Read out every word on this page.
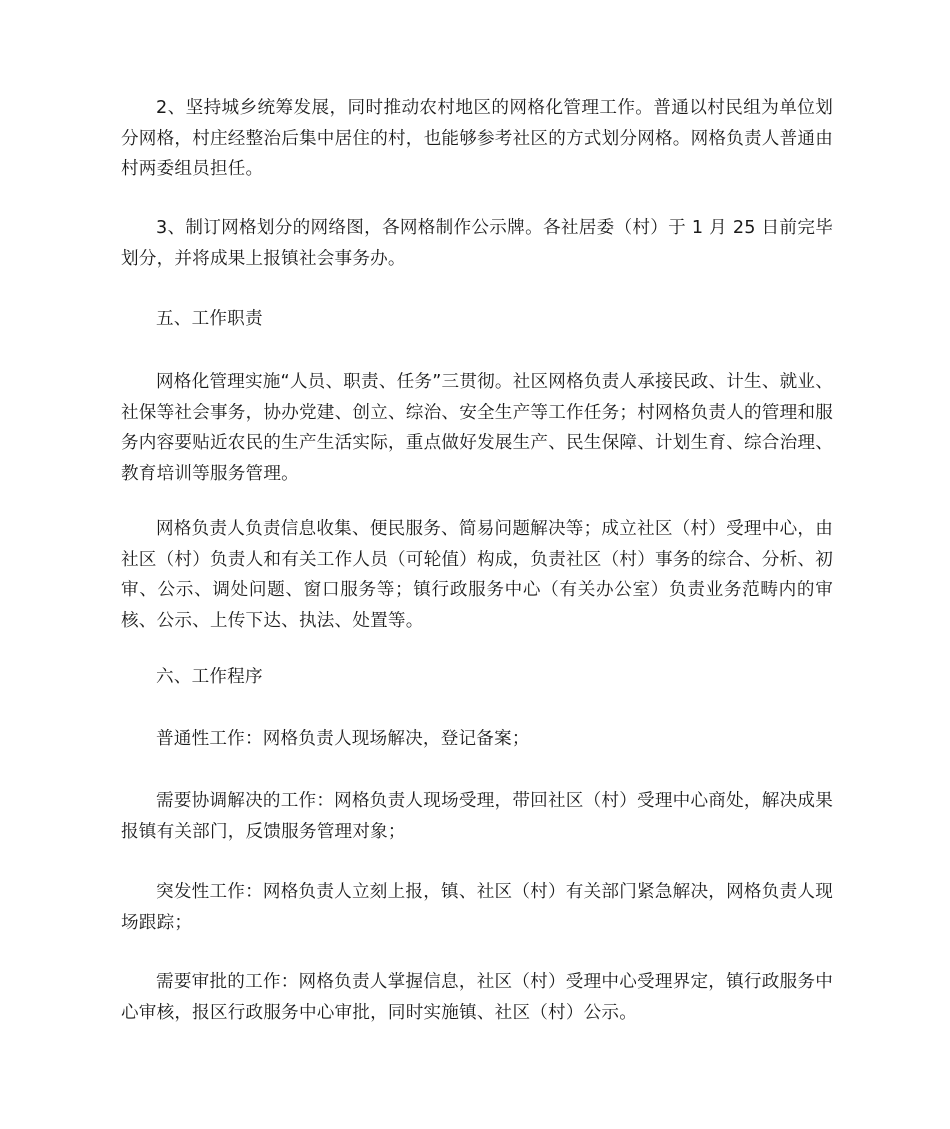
2、坚持城乡统筹发展，同时推动农村地区的网格化管理工作。普通以村民组为单位划分网格，村庄经整治后集中居住的村，也能够参考社区的方式划分网格。网格负责人普通由村两委组员担任。

3、制订网格划分的网络图，各网格制作公示牌。各社居委（村）于 1 月 25 日前完毕划分，并将成果上报镇社会事务办。

五、工作职责

网格化管理实施“人员、职责、任务”三贯彻。社区网格负责人承接民政、计生、就业、社保等社会事务，协办党建、创立、综治、安全生产等工作任务；村网格负责人的管理和服务内容要贴近农民的生产生活实际，重点做好发展生产、民生保障、计划生育、综合治理、教育培训等服务管理。

网格负责人负责信息收集、便民服务、简易问题解决等；成立社区（村）受理中心，由社区（村）负责人和有关工作人员（可轮值）构成，负责社区（村）事务的综合、分析、初审、公示、调处问题、窗口服务等；镇行政服务中心（有关办公室）负责业务范畴内的审核、公示、上传下达、执法、处置等。

六、工作程序

普通性工作：网格负责人现场解决，登记备案；

需要协调解决的工作：网格负责人现场受理，带回社区（村）受理中心商处，解决成果报镇有关部门，反馈服务管理对象；

突发性工作：网格负责人立刻上报，镇、社区（村）有关部门紧急解决，网格负责人现场跟踪；

需要审批的工作：网格负责人掌握信息，社区（村）受理中心受理界定，镇行政服务中心审核，报区行政服务中心审批，同时实施镇、社区（村）公示。
